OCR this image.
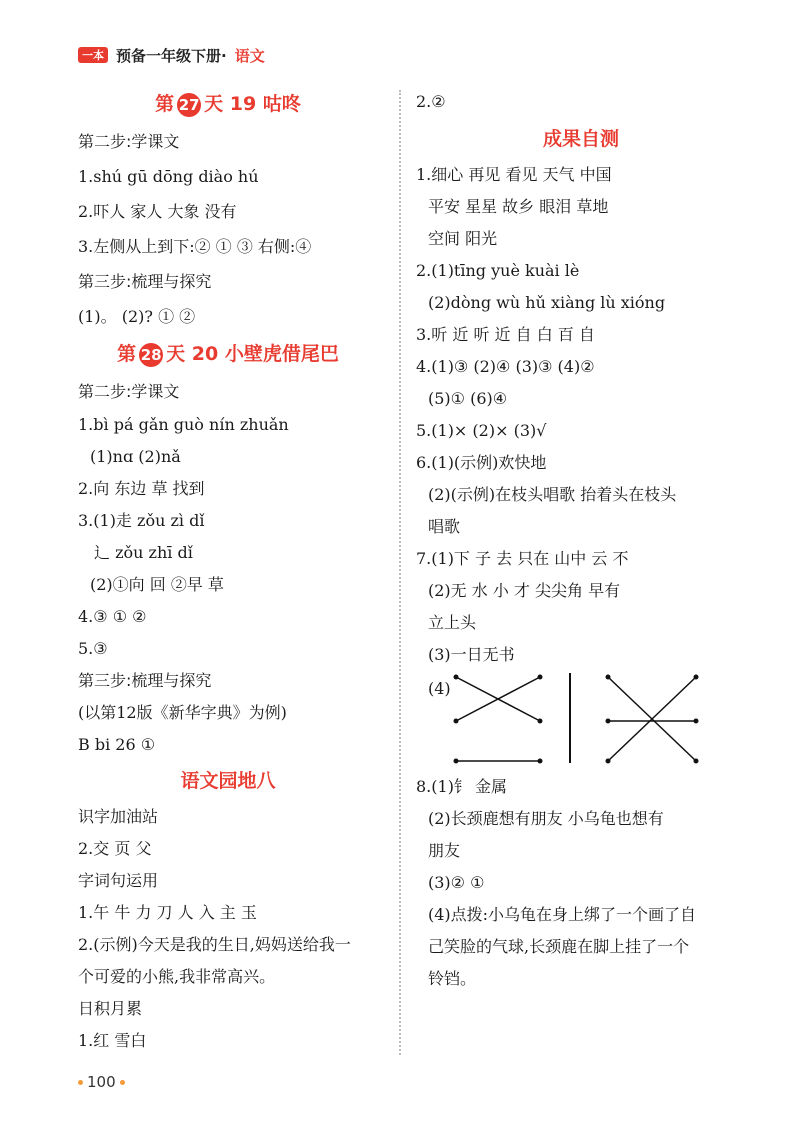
一本 预备一年级下册· 语文
第 27 天 19 咕咚
第二步:学课文
1.shú gū dōng diào hú
2.吓人 家人 大象 没有
3.左侧从上到下:② ① ③ 右侧:④
第三步:梳理与探究
(1)。 (2)? ① ②
第 28 天 20 小壁虎借尾巴
第二步:学课文
1.bì pá gǎn guò nín zhuǎn
(1)nɑ (2)nǎ
2.向 东边 草 找到
3.(1)走 zǒu zì dǐ
辶 zǒu zhī dǐ
(2)①向 回 ②早 草
4.③ ① ②
5.③
第三步:梳理与探究
(以第12版《新华字典》为例)
B bi 26 ①
语文园地八
识字加油站
2.交 页 父
字词句运用
1.午 牛 力 刀 人 入 主 玉
2.(示例)今天是我的生日,妈妈送给我一
个可爱的小熊,我非常高兴。
日积月累
1.红 雪白
2.②
成果自测
1.细心 再见 看见 天气 中国
平安 星星 故乡 眼泪 草地
空间 阳光
2.(1)tīng yuè kuài lè
(2)dòng wù hǔ xiàng lù xióng
3.听 近 听 近 自 白 百 自
4.(1)③ (2)④ (3)③ (4)②
(5)① (6)④
5.(1)× (2)× (3)√
6.(1)(示例)欢快地
(2)(示例)在枝头唱歌 抬着头在枝头
唱歌
7.(1)下 子 去 只在 山中 云 不
(2)无 水 小 才 尖尖角 早有
立上头
(3)一日无书
(4)
8.(1)钅 金属
(2)长颈鹿想有朋友 小乌龟也想有
朋友
(3)② ①
(4)点拨:小乌龟在身上绑了一个画了自
己笑脸的气球,长颈鹿在脚上挂了一个
铃铛。
100
